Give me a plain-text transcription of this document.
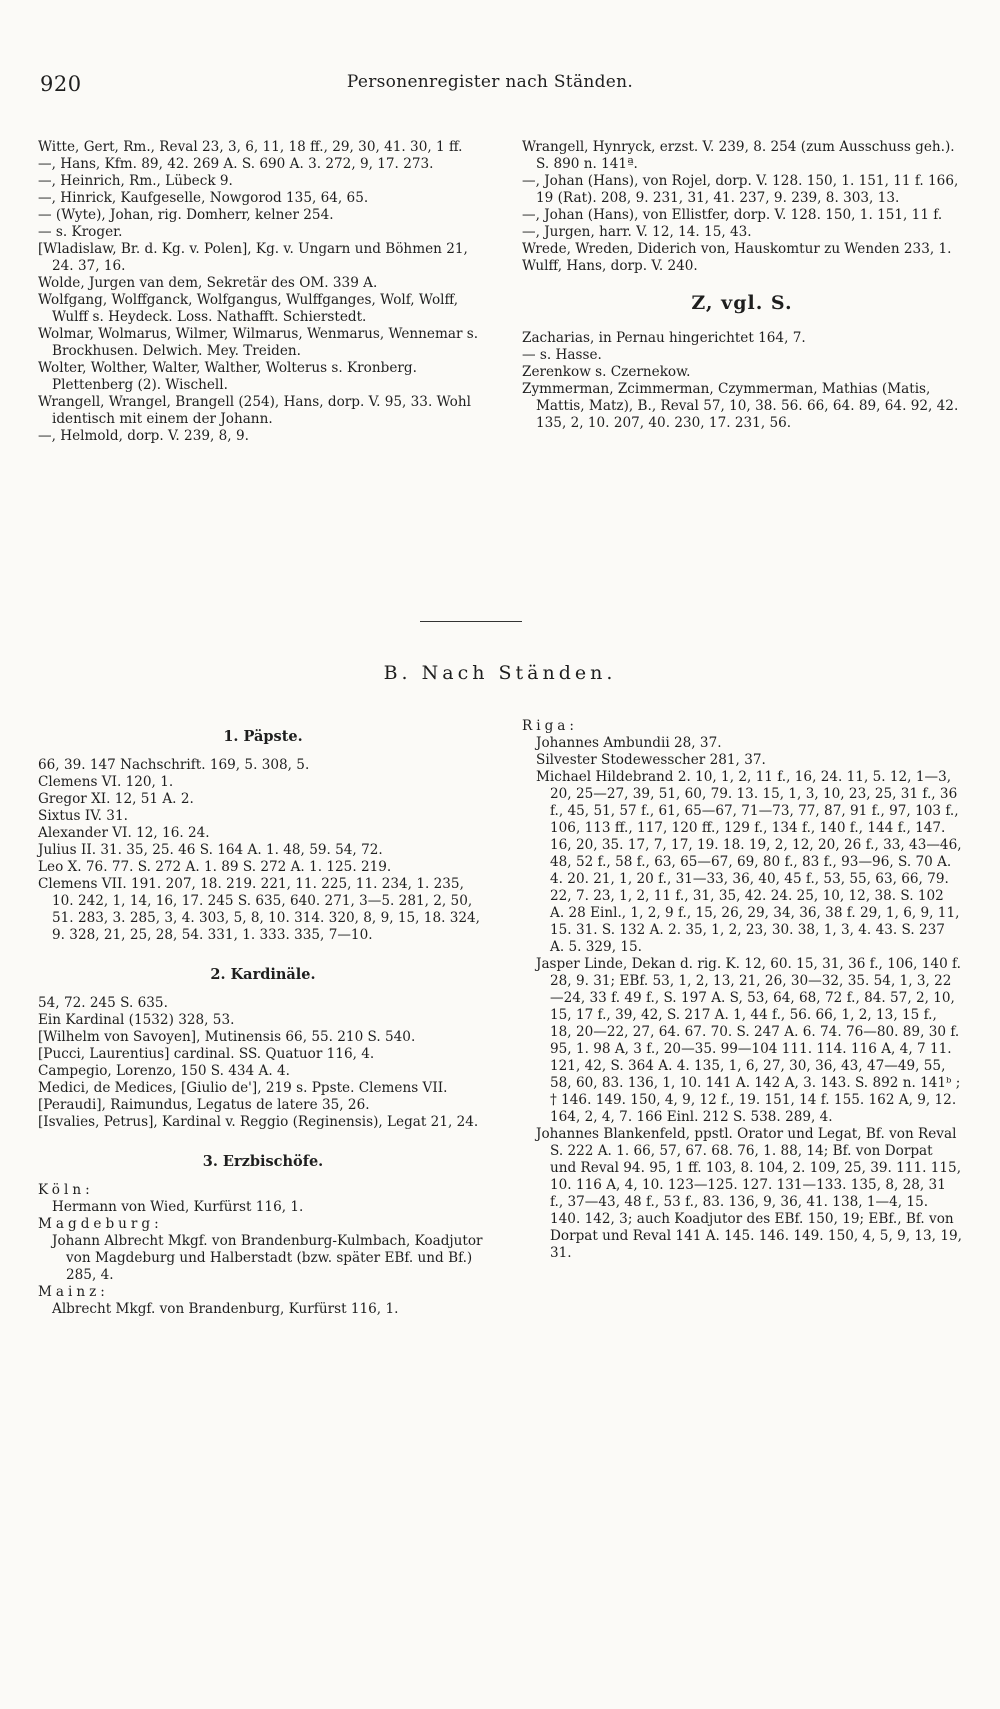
920	Personenregister nach Ständen.

Witte, Gert, Rm., Reval 23, 3, 6, 11, 18 ff., 29, 30, 41. 30, 1 ff.

—, Hans, Kfm. 89, 42. 269 A. S. 690 A. 3. 272, 9, 17. 273.

—, Heinrich, Rm., Lübeck 9.

—, Hinrick, Kaufgeselle, Nowgorod 135, 64, 65.

— (Wyte), Johan, rig. Domherr, kelner 254.

— s. Kroger.

[Wladislaw, Br. d. Kg. v. Polen], Kg. v. Ungarn und Böhmen 21, 24. 37, 16.

Wolde, Jurgen van dem, Sekretär des OM. 339 A.

Wolfgang, Wolffganck, Wolfgangus, Wulffganges, Wolf, Wolff, Wulff s. Heydeck. Loss. Nathafft. Schierstedt.

Wolmar, Wolmarus, Wilmer, Wilmarus, Wenmarus, Wennemar s. Brockhusen. Delwich. Mey. Treiden.

Wolter, Wolther, Walter, Walther, Wolterus s. Kronberg. Plettenberg (2). Wischell.

Wrangell, Wrangel, Brangell (254), Hans, dorp. V. 95, 33. Wohl identisch mit einem der Johann.

—, Helmold, dorp. V. 239, 8, 9.

Wrangell, Hynryck, erzst. V. 239, 8. 254 (zum Ausschuss geh.). S. 890 n. 141ª.

—, Johan (Hans), von Rojel, dorp. V. 128. 150, 1. 151, 11 f. 166, 19 (Rat). 208, 9. 231, 31, 41. 237, 9. 239, 8. 303, 13.

—, Johan (Hans), von Ellistfer, dorp. V. 128. 150, 1. 151, 11 f.

—, Jurgen, harr. V. 12, 14. 15, 43.

Wrede, Wreden, Diderich von, Hauskomtur zu Wenden 233, 1.

Wulff, Hans, dorp. V. 240.

Z, vgl. S.

Zacharias, in Pernau hingerichtet 164, 7.

— s. Hasse.

Zerenkow s. Czernekow.

Zymmerman, Zcimmerman, Czymmerman, Mathias (Matis, Mattis, Matz), B., Reval 57, 10, 38. 56. 66, 64. 89, 64. 92, 42. 135, 2, 10. 207, 40. 230, 17. 231, 56.

B. Nach Ständen.
1. Päpste.

66, 39. 147 Nachschrift. 169, 5. 308, 5.

Clemens VI. 120, 1.

Gregor XI. 12, 51 A. 2.

Sixtus IV. 31.

Alexander VI. 12, 16. 24.

Julius II. 31. 35, 25. 46 S. 164 A. 1. 48, 59. 54, 72.

Leo X. 76. 77. S. 272 A. 1. 89 S. 272 A. 1. 125. 219.

Clemens VII. 191. 207, 18. 219. 221, 11. 225, 11. 234, 1. 235, 10. 242, 1, 14, 16, 17. 245 S. 635, 640. 271, 3—5. 281, 2, 50, 51. 283, 3. 285, 3, 4. 303, 5, 8, 10. 314. 320, 8, 9, 15, 18. 324, 9. 328, 21, 25, 28, 54. 331, 1. 333. 335, 7—10.

2. Kardinäle.

54, 72. 245 S. 635.

Ein Kardinal (1532) 328, 53.

[Wilhelm von Savoyen], Mutinensis 66, 55. 210 S. 540.

[Pucci, Laurentius] cardinal. SS. Quatuor 116, 4.

Campegio, Lorenzo, 150 S. 434 A. 4.

Medici, de Medices, [Giulio de'], 219 s. Ppste. Clemens VII.

[Peraudi], Raimundus, Legatus de latere 35, 26.

[Isvalies, Petrus], Kardinal v. Reggio (Reginensis), Legat 21, 24.

3. Erzbischöfe.

Köln:

Hermann von Wied, Kurfürst 116, 1.

Magdeburg:

Johann Albrecht Mkgf. von Brandenburg-Kulmbach, Koadjutor von Magdeburg und Halberstadt (bzw. später EBf. und Bf.) 285, 4.

Mainz:

Albrecht Mkgf. von Brandenburg, Kurfürst 116, 1.

Riga:

Johannes Ambundii 28, 37.

Silvester Stodewesscher 281, 37.

Michael Hildebrand 2. 10, 1, 2, 11 f., 16, 24. 11, 5. 12, 1—3, 20, 25—27, 39, 51, 60, 79. 13. 15, 1, 3, 10, 23, 25, 31 f., 36 f., 45, 51, 57 f., 61, 65—67, 71—73, 77, 87, 91 f., 97, 103 f., 106, 113 ff., 117, 120 ff., 129 f., 134 f., 140 f., 144 f., 147. 16, 20, 35. 17, 7, 17, 19. 18. 19, 2, 12, 20, 26 f., 33, 43—46, 48, 52 f., 58 f., 63, 65—67, 69, 80 f., 83 f., 93—96, S. 70 A. 4. 20. 21, 1, 20 f., 31—33, 36, 40, 45 f., 53, 55, 63, 66, 79. 22, 7. 23, 1, 2, 11 f., 31, 35, 42. 24. 25, 10, 12, 38. S. 102 A. 28 Einl., 1, 2, 9 f., 15, 26, 29, 34, 36, 38 f. 29, 1, 6, 9, 11, 15. 31. S. 132 A. 2. 35, 1, 2, 23, 30. 38, 1, 3, 4. 43. S. 237 A. 5. 329, 15.

Jasper Linde, Dekan d. rig. K. 12, 60. 15, 31, 36 f., 106, 140 f. 28, 9. 31; EBf. 53, 1, 2, 13, 21, 26, 30—32, 35. 54, 1, 3, 22—24, 33 f. 49 f., S. 197 A. S, 53, 64, 68, 72 f., 84. 57, 2, 10, 15, 17 f., 39, 42, S. 217 A. 1, 44 f., 56. 66, 1, 2, 13, 15 f., 18, 20—22, 27, 64. 67. 70. S. 247 A. 6. 74. 76—80. 89, 30 f. 95, 1. 98 A, 3 f., 20—35. 99—104 111. 114. 116 A, 4, 7 11. 121, 42, S. 364 A. 4. 135, 1, 6, 27, 30, 36, 43, 47—49, 55, 58, 60, 83. 136, 1, 10. 141 A. 142 A, 3. 143. S. 892 n. 141ᵇ ; † 146. 149. 150, 4, 9, 12 f., 19. 151, 14 f. 155. 162 A, 9, 12. 164, 2, 4, 7. 166 Einl. 212 S. 538. 289, 4.

Johannes Blankenfeld, ppstl. Orator und Legat, Bf. von Reval S. 222 A. 1. 66, 57, 67. 68. 76, 1. 88, 14; Bf. von Dorpat und Reval 94. 95, 1 ff. 103, 8. 104, 2. 109, 25, 39. 111. 115, 10. 116 A, 4, 10. 123—125. 127. 131—133. 135, 8, 28, 31 f., 37—43, 48 f., 53 f., 83. 136, 9, 36, 41. 138, 1—4, 15. 140. 142, 3; auch Koadjutor des EBf. 150, 19; EBf., Bf. von Dorpat und Reval 141 A. 145. 146. 149. 150, 4, 5, 9, 13, 19, 31.
